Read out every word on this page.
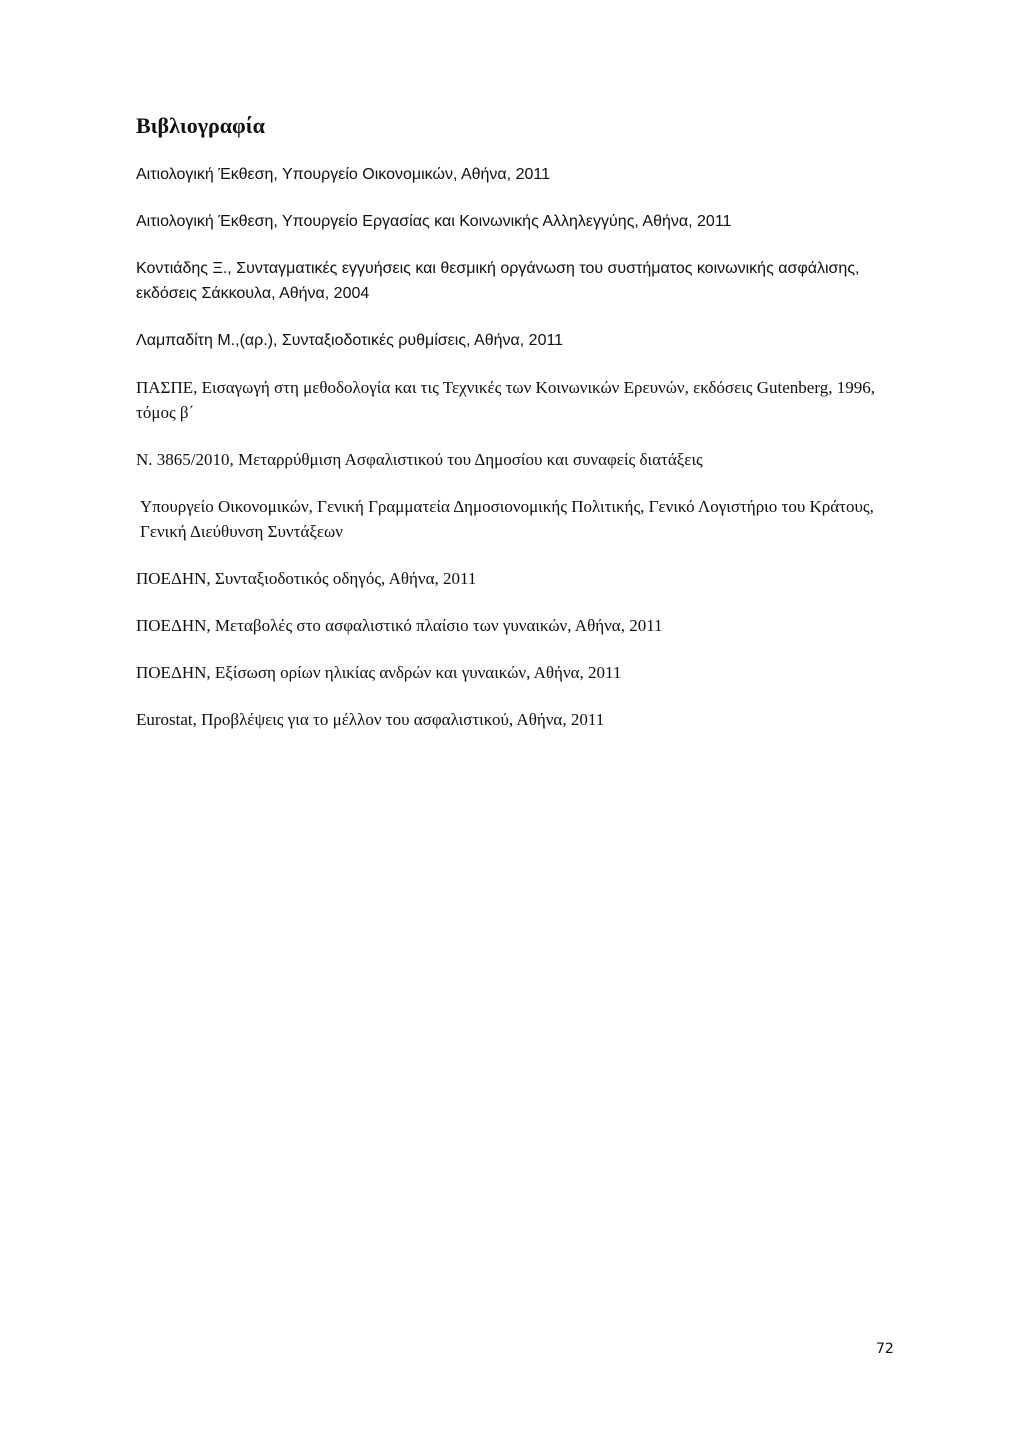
Βιβλιογραφία
Αιτιολογική Έκθεση, Υπουργείο Οικονομικών, Αθήνα, 2011
Αιτιολογική Έκθεση, Υπουργείο Εργασίας και Κοινωνικής Αλληλεγγύης, Αθήνα, 2011
Κοντιάδης Ξ., Συνταγματικές εγγυήσεις και θεσμική οργάνωση του συστήματος κοινωνικής ασφάλισης, εκδόσεις Σάκκουλα, Αθήνα, 2004
Λαμπαδίτη Μ.,(αρ.), Συνταξιοδοτικές ρυθμίσεις, Αθήνα, 2011
ΠΑΣΠΕ, Εισαγωγή στη μεθοδολογία και τις Τεχνικές των Κοινωνικών Ερευνών, εκδόσεις Gutenberg, 1996, τόμος β΄
Ν. 3865/2010, Μεταρρύθμιση Ασφαλιστικού του Δημοσίου και συναφείς διατάξεις
Υπουργείο Οικονομικών, Γενική Γραμματεία Δημοσιονομικής Πολιτικής, Γενικό Λογιστήριο του Κράτους, Γενική Διεύθυνση Συντάξεων
ΠΟΕΔΗΝ, Συνταξιοδοτικός οδηγός, Αθήνα, 2011
ΠΟΕΔΗΝ, Μεταβολές στο ασφαλιστικό πλαίσιο των γυναικών, Αθήνα, 2011
ΠΟΕΔΗΝ, Εξίσωση ορίων ηλικίας ανδρών και γυναικών, Αθήνα, 2011
Eurostat, Προβλέψεις για το μέλλον του ασφαλιστικού, Αθήνα, 2011
72
